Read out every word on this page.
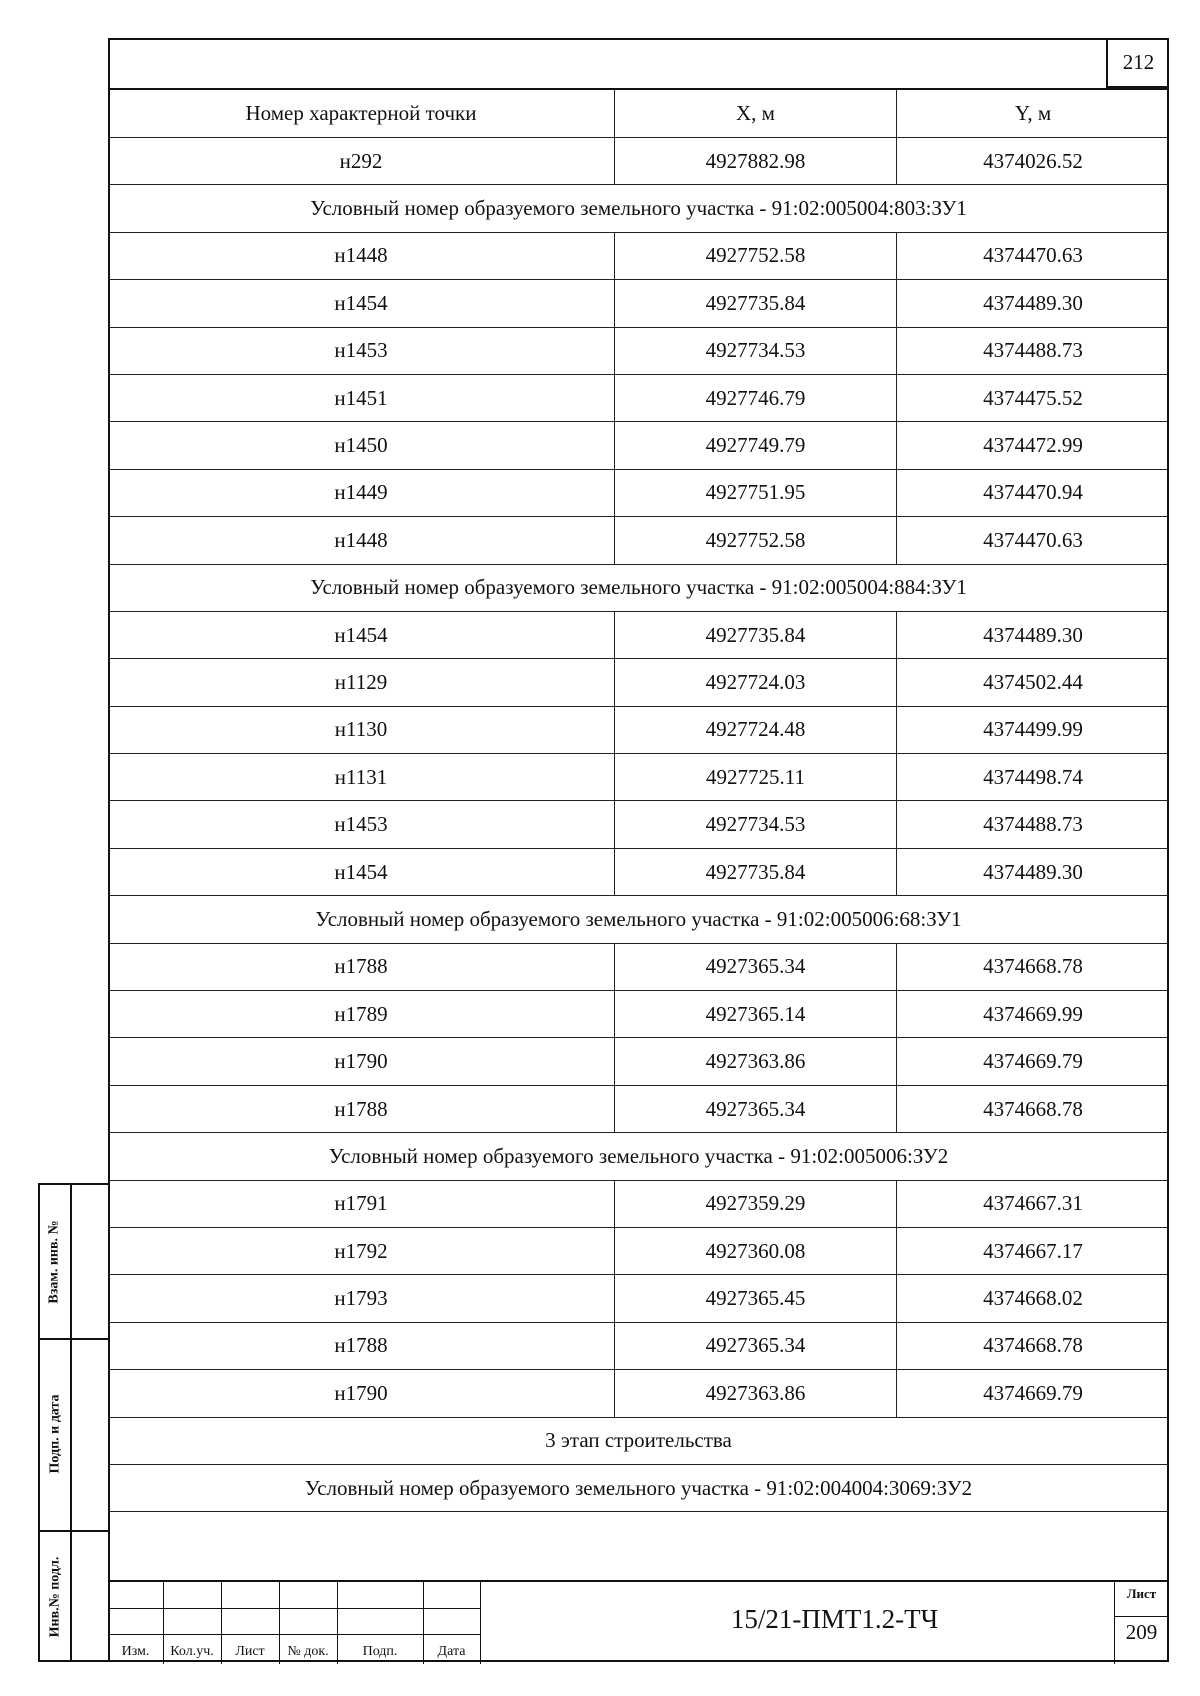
212
Номер характерной точки	X, м	Y, м
н292	4927882.98	4374026.52
Условный номер образуемого земельного участка - 91:02:005004:803:ЗУ1
н1448	4927752.58	4374470.63
н1454	4927735.84	4374489.30
н1453	4927734.53	4374488.73
н1451	4927746.79	4374475.52
н1450	4927749.79	4374472.99
н1449	4927751.95	4374470.94
н1448	4927752.58	4374470.63
Условный номер образуемого земельного участка - 91:02:005004:884:ЗУ1
н1454	4927735.84	4374489.30
н1129	4927724.03	4374502.44
н1130	4927724.48	4374499.99
н1131	4927725.11	4374498.74
н1453	4927734.53	4374488.73
н1454	4927735.84	4374489.30
Условный номер образуемого земельного участка - 91:02:005006:68:ЗУ1
н1788	4927365.34	4374668.78
н1789	4927365.14	4374669.99
н1790	4927363.86	4374669.79
н1788	4927365.34	4374668.78
Условный номер образуемого земельного участка - 91:02:005006:ЗУ2
н1791	4927359.29	4374667.31
н1792	4927360.08	4374667.17
н1793	4927365.45	4374668.02
н1788	4927365.34	4374668.78
н1790	4927363.86	4374669.79
3 этап строительства
Условный номер образуемого земельного участка - 91:02:004004:3069:ЗУ2
Взам. инв. №
Подп. и дата
Инв.№ подл.
Изм.	Кол.уч.	Лист	№ док.	Подп.	Дата
15/21-ПМТ1.2-ТЧ
Лист
209
